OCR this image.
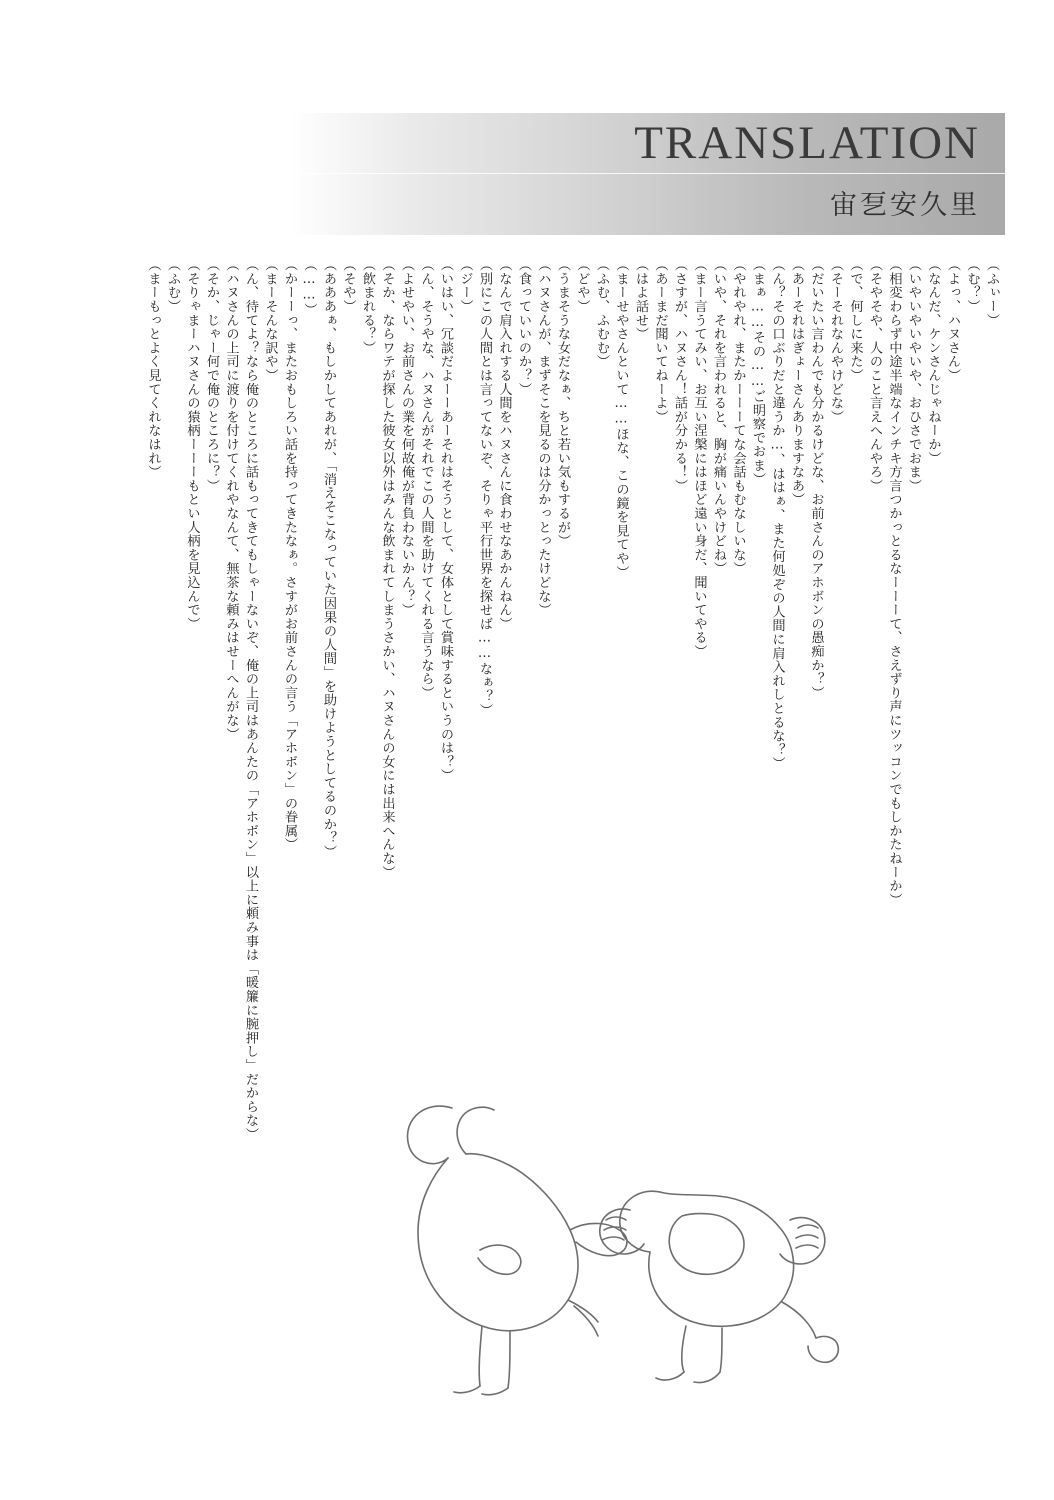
TRANSLATION
宙乭安久里
（ふぃー）
（む？）
（よっ、ハヌさん）
（なんだ、ケンさんじゃねーか）
（いやいやいやいや、おひさでおま）
（相変わらず中途半端なインチキ方言つかっとるなーーーて、さえずり声にツッコンでもしかたねーか）
（そやそや、人のこと言えへんやろ）
（で、何しに来た）
（そーそれなんやけどな）
（だいたい言わんでも分かるけどな、お前さんのアホボンの愚痴か？）
（あーそれはぎょーさんありますなあ）
（ん？その口ぶりだと違うか…、ははぁ、また何処ぞの人間に肩入れしとるな？）
（まぁ……その……ご明察でおま）
（やれやれ、またかーーーてな会話もむなしいな）
（いや、それを言われると、胸が痛いんやけどね）
（まー言うてみい、お互い涅槃にはほど遠い身だ、聞いてやる）
（さすが、ハヌさん！話が分かる！）
（あーまだ聞いてねーよ）
（はよ話せ）
（まーせやさんといて……ほな、この鏡を見てや）
（ふむ、ふむむ）
（どや）
（うまそうな女だなぁ、ちと若い気もするが）
（ハヌさんが、まずそこを見るのは分かっとったけどな）
（食っていいのか？）
（なんで肩入れする人間をハヌさんに食わせなあかんねん）
（別にこの人間とは言ってないぞ、そりゃ平行世界を探せば……なぁ？）
（ジー）
（いはい、冗談だよーーあーそれはそうとして、女体として賞味するというのは？）
（ん、そうやな、ハヌさんがそれでこの人間を助けてくれる言うなら）
（よせやい、お前さんの業を何故俺が背負わないかん？）
（そか、ならワテが探した彼女以外はみんな飲まれてしまうさかい、ハヌさんの女には出来へんな）
（飲まれる？）
（そや）
（あああぁ、もしかしてあれが、「消えそこなっていた因果の人間」を助けようとしてるのか？）
（……）
（かーーっ、またおもしろい話を持ってきたなぁ。さすがお前さんの言う「アホボン」の眷属）
（まーそんな訳や）
（ん、待てよ？なら俺のところに話もってきてもしゃーないぞ、俺の上司はあんたの「アホボン」以上に頼み事は「暖簾に腕押し」だからな）
（ハヌさんの上司に渡りを付けてくれやなんて、無茶な頼みはせーへんがな）
（そか、じゃー何で俺のところに？）
（そりゃまーハヌさんの猿柄ーーーもとい人柄を見込んで）
（ふむ）
（まーもっとよく見てくれなはれ）
